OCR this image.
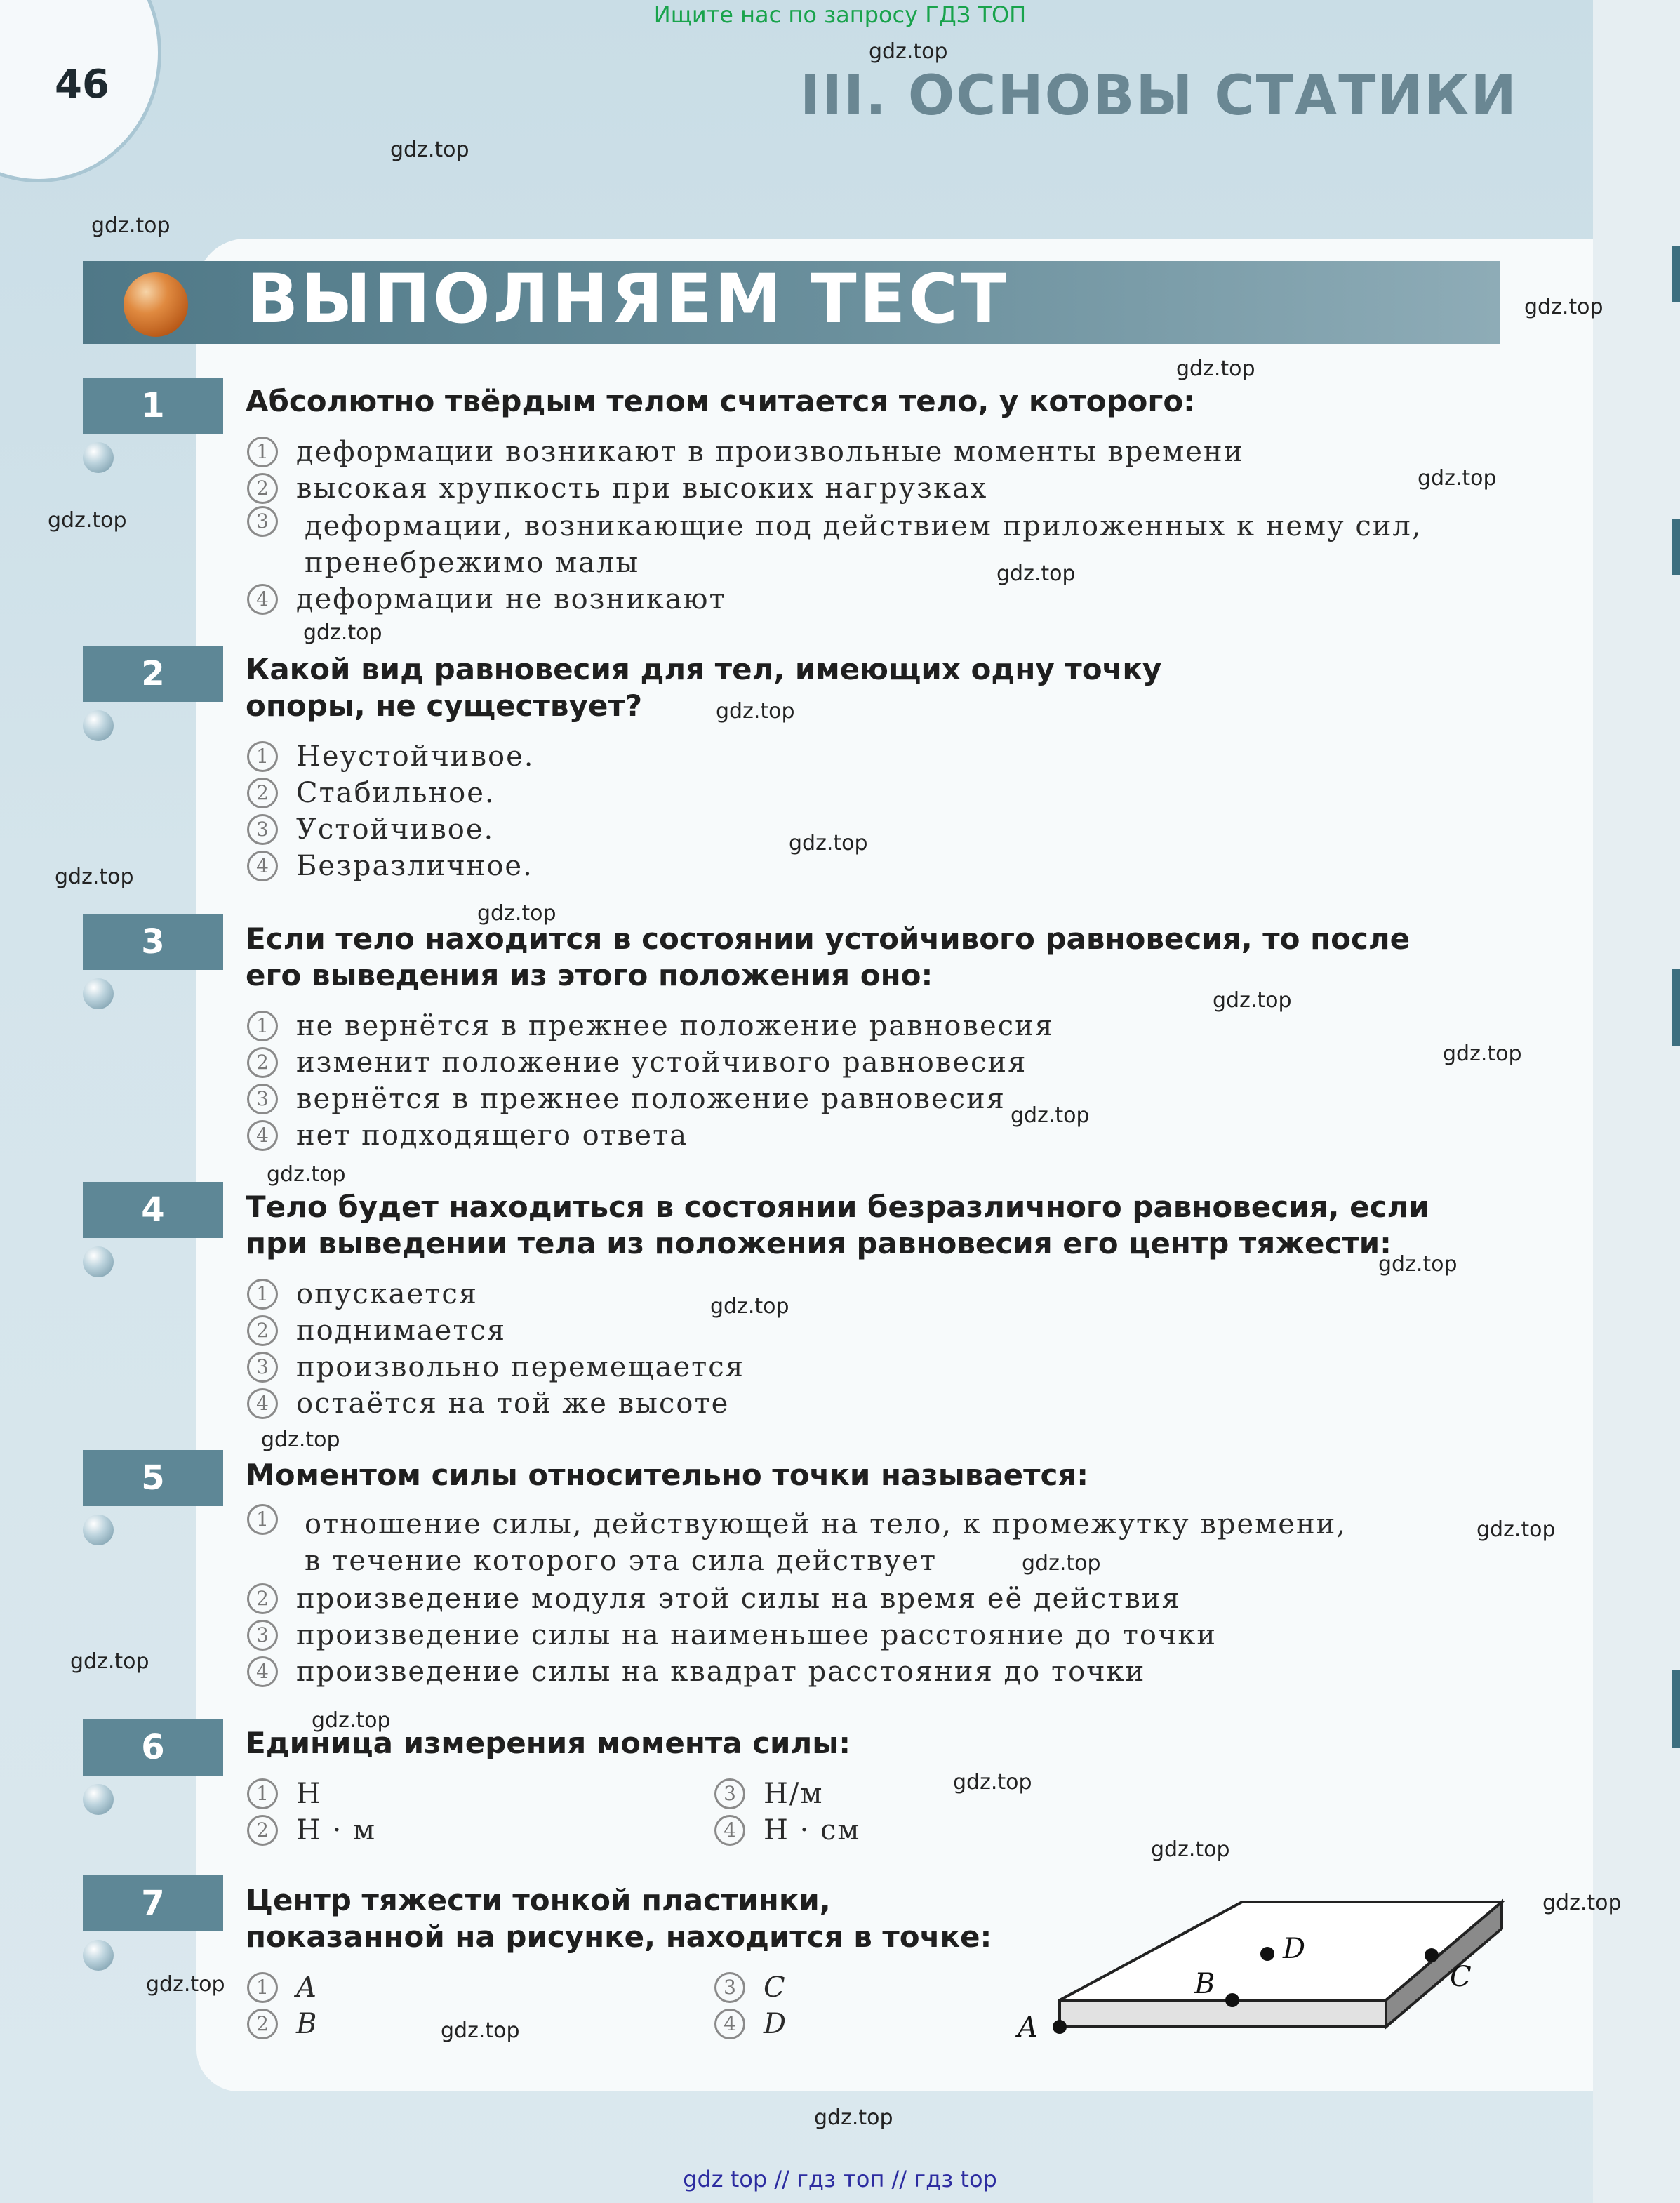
Ищите нас по запросу ГДЗ ТОП
46	III. ОСНОВЫ СТАТИКИ
ВЫПОЛНЯЕМ ТЕСТ
1	Абсолютно твёрдым телом считается тело, у которого:
1 деформации возникают в произвольные моменты времени
2 высокая хрупкость при высоких нагрузках
3	деформации, возникающие под действием приложенных к нему сил, пренебрежимо малы
4 деформации не возникают
2	Какой вид равновесия для тел, имеющих одну точку опоры, не существует?
1 Неустойчивое.
2 Стабильное.
3 Устойчивое.
4 Безразличное.
3	Если тело находится в состоянии устойчивого равновесия, то после его выведения из этого положения оно:
1 не вернётся в прежнее положение равновесия
2 изменит положение устойчивого равновесия
3 вернётся в прежнее положение равновесия
4 нет подходящего ответа
4	Тело будет находиться в состоянии безразличного равновесия, если при выведении тела из положения равновесия его центр тяжести:
1 опускается
2 поднимается
3 произвольно перемещается
4 остаётся на той же высоте
5	Моментом силы относительно точки называется:
1	отношение силы, действующей на тело, к промежутку времени, в течение которого эта сила действует
2 произведение модуля этой силы на время её действия
3 произведение силы на наименьшее расстояние до точки
4 произведение силы на квадрат расстояния до точки
6	Единица измерения момента силы:
1 Н
2 Н · м
3 Н/м
4 Н · см
7	Центр тяжести тонкой пластинки, показанной на рисунке, находится в точке:
1 A
2 B
3 C
4 D	A
B	C
D
gdz.top
gdz.top
gdz.top
gdz.top
gdz.top
gdz.top
gdz.top
gdz.top
gdz.top
gdz.top
gdz.top
gdz.top
gdz.top
gdz.top
gdz.top
gdz.top
gdz.top
gdz.top
gdz.top
gdz.top
gdz.top
gdz.top
gdz.top
gdz.top
gdz.top
gdz.top
gdz.top
gdz.top
gdz.top
gdz.top
gdz top // гдз топ // гдз top
